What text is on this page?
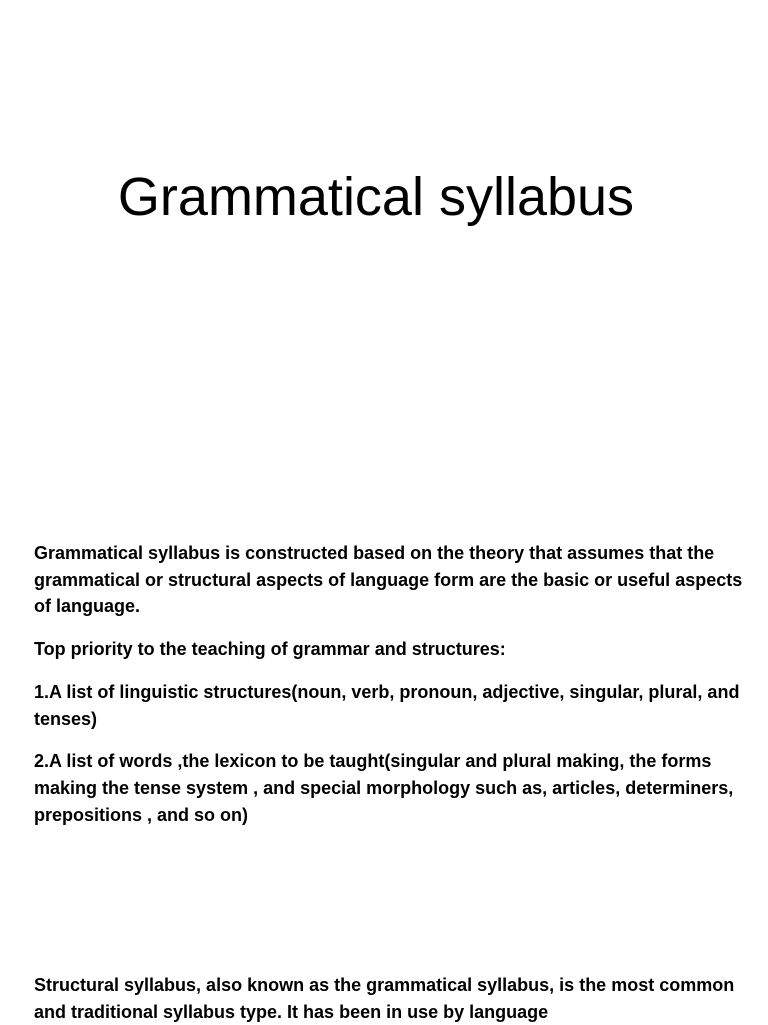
Grammatical syllabus

Grammatical syllabus is constructed based on the theory that assumes that the grammatical or structural aspects of language form are the basic or useful aspects of language.

Top priority to the teaching of grammar and structures:

1.A list of linguistic structures(noun, verb, pronoun, adjective, singular, plural, and tenses)

2.A list of words ,the lexicon to be taught(singular and plural making, the forms making the tense system , and special morphology such as, articles, determiners, prepositions , and so on)

Structural syllabus, also known as the grammatical syllabus, is the most common and traditional syllabus type. It has been in use by language
